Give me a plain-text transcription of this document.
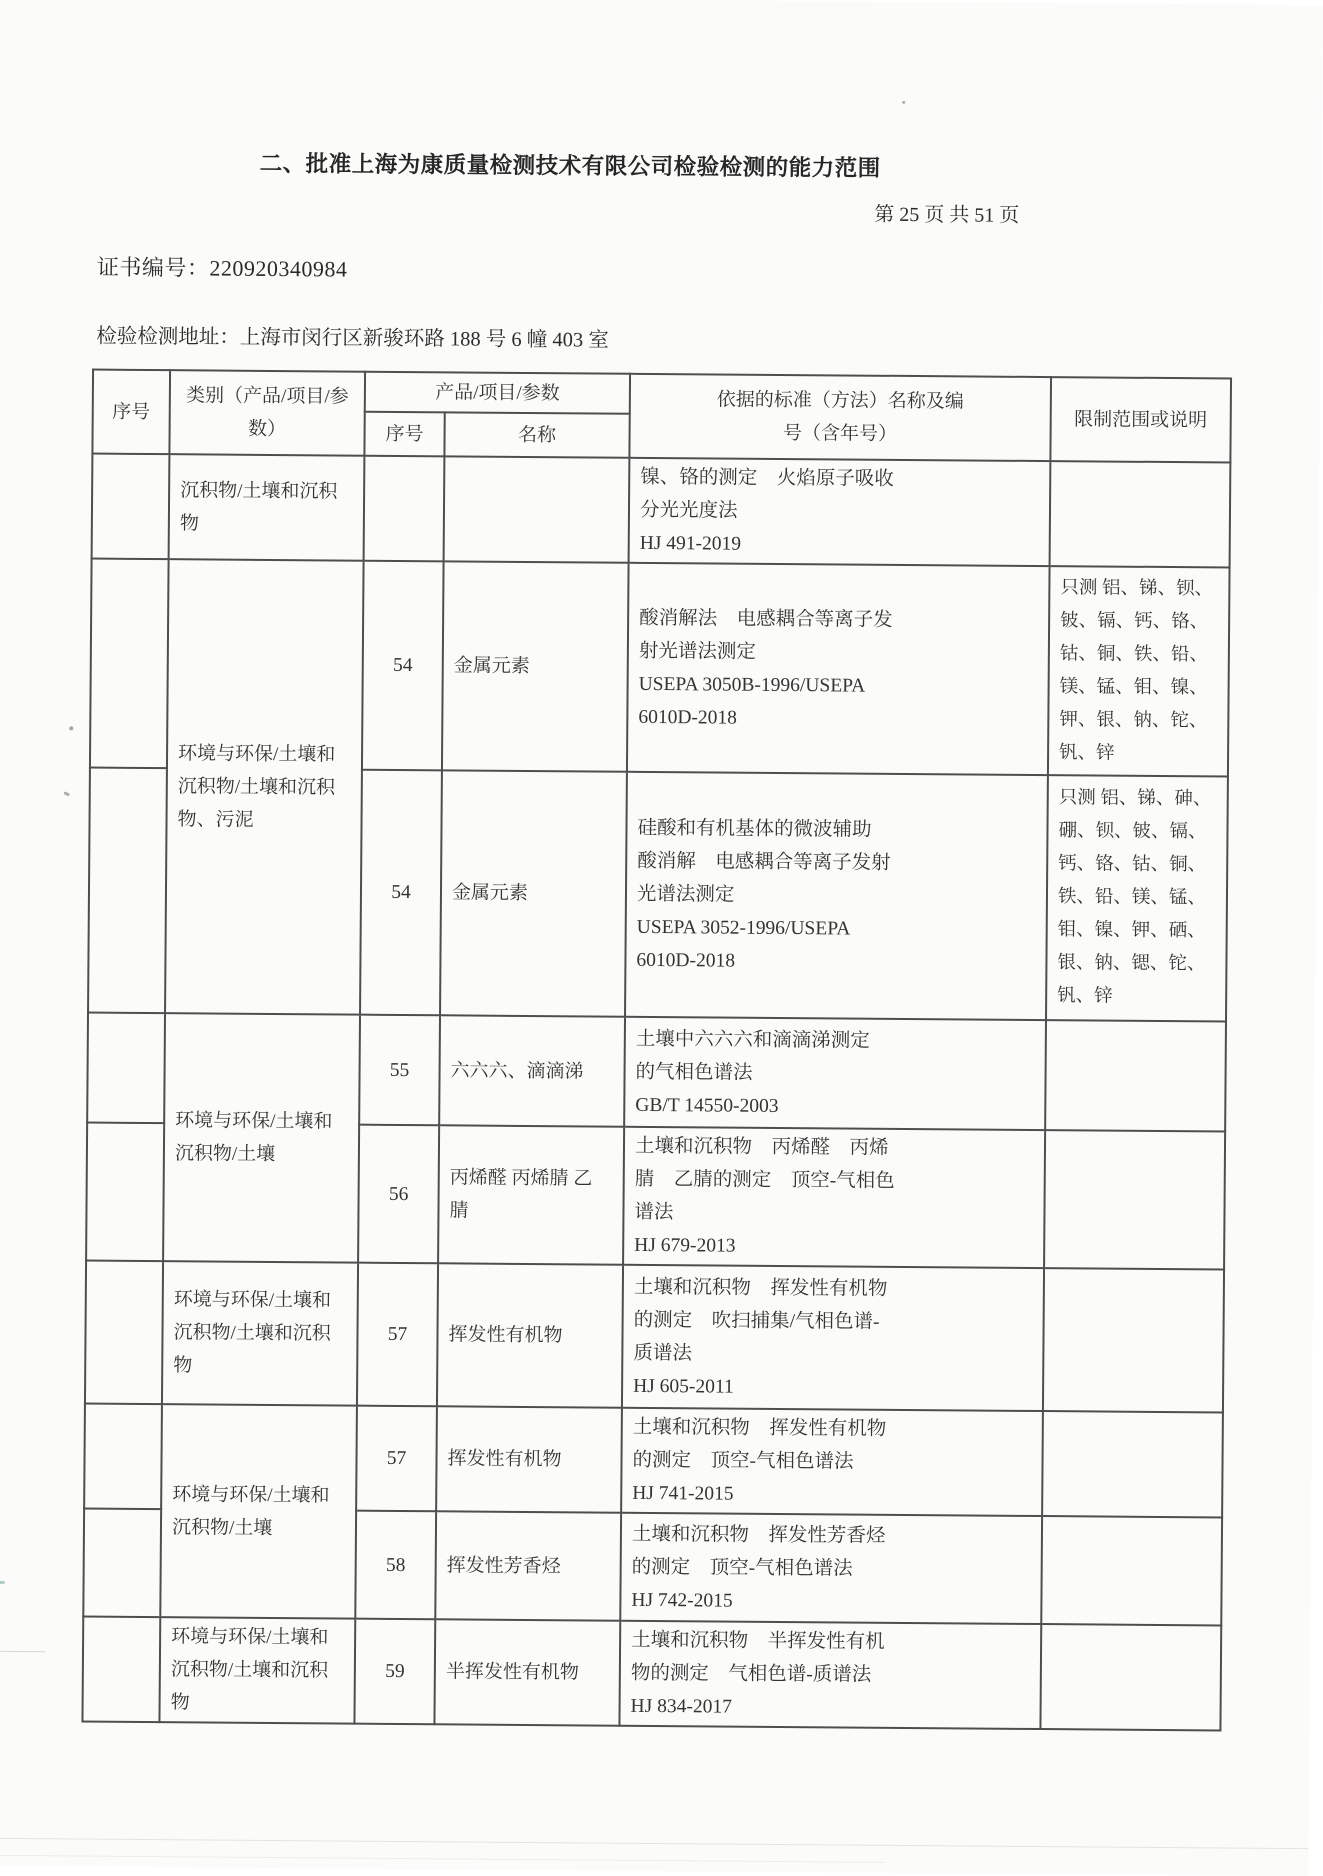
二、批准上海为康质量检测技术有限公司检验检测的能力范围
第 25 页 共 51 页
证书编号：220920340984
检验检测地址：上海市闵行区新骏环路 188 号 6 幢 403 室
序号	类别（产品/项目/参
数）	产品/项目/参数		依据的标准（方法）名称及编
号（含年号）	限制范围或说明
		序号	名称		
	沉积物/土壤和沉积
物			镍、铬的测定　火焰原子吸收
分光光度法
HJ 491-2019	
	环境与环保/土壤和
沉积物/土壤和沉积
物、污泥	54	金属元素	酸消解法　电感耦合等离子发
射光谱法测定
USEPA 3050B-1996/USEPA
6010D-2018	只测 铝、锑、钡、
铍、镉、钙、铬、
钴、铜、铁、铅、
镁、锰、钼、镍、
钾、银、钠、铊、
钒、锌
	54	金属元素	硅酸和有机基体的微波辅助
酸消解　电感耦合等离子发射
光谱法测定
USEPA 3052-1996/USEPA
6010D-2018	只测 铝、锑、砷、
硼、钡、铍、镉、
钙、铬、钴、铜、
铁、铅、镁、锰、
钼、镍、钾、硒、
银、钠、锶、铊、
钒、锌
	环境与环保/土壤和
沉积物/土壤	55	六六六、滴滴涕	土壤中六六六和滴滴涕测定
的气相色谱法
GB/T 14550-2003	
		56	丙烯醛 丙烯腈 乙
腈	土壤和沉积物　丙烯醛　丙烯
腈　乙腈的测定　顶空-气相色
谱法
HJ 679-2013	
	环境与环保/土壤和
沉积物/土壤和沉积
物	57	挥发性有机物	土壤和沉积物　挥发性有机物
的测定　吹扫捕集/气相色谱-
质谱法
HJ 605-2011	
	环境与环保/土壤和
沉积物/土壤	57	挥发性有机物	土壤和沉积物　挥发性有机物
的测定　顶空-气相色谱法
HJ 741-2015	
		58	挥发性芳香烃	土壤和沉积物　挥发性芳香烃
的测定　顶空-气相色谱法
HJ 742-2015	
	环境与环保/土壤和
沉积物/土壤和沉积
物	59	半挥发性有机物	土壤和沉积物　半挥发性有机
物的测定　气相色谱-质谱法
HJ 834-2017	
